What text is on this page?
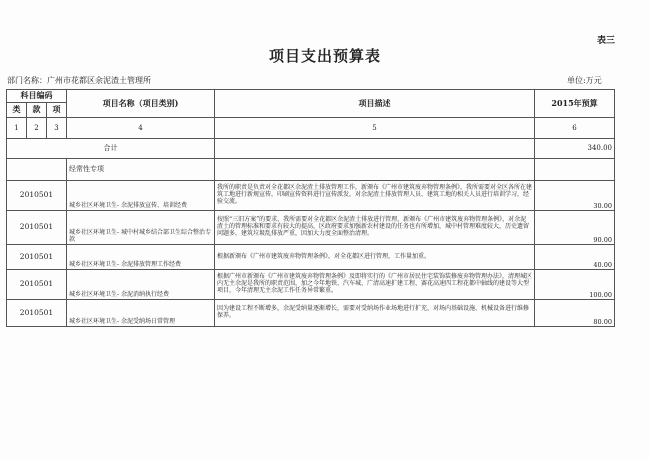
表三
项目支出预算表
部门名称：广州市花都区余泥渣土管理所	单位:万元
科目编码			项目名称（项目类别)	项目描述	2015年预算
类	款	项			
1	2	3	4	5	6
合计					340.00
			经常性专项		
2010501			城乡社区环境卫生- 余泥排放宣传、培训经费	我所的职责是负责对全花都区余泥渣土排放管理工作，新颁布《广州市建筑废弃物管理条例》，我所需要对全区各所在建筑工地进行新规宣传，印刷宣传资料进行宣传派发，对余泥渣土排放管理人员、建筑工地的相关人员进行培训学习，经验交流。	30.00
2010501			城乡社区环境卫生- 城中村城乡结合部卫生综合整治专款	按照“三旧方案”的要求，我所需要对全花都区余泥渣土排放进行管理，新颁布《广州市建筑废弃物管理条例》，对余泥渣土的管理标准和要求有较大的提高，区政府要求加强新农村建设的任务也有所增加，城中村管理难度较大，历史遗留问题多，建筑垃圾乱排放严重，因加大力度全面整治清理。	90.00
2010501			城乡社区环境卫生- 余泥排放管理工作经费	根据新颁布《广州市建筑废弃物管理条例》，对全花都区进行管理，工作量加重。	40.00
2010501			城乡社区环境卫生- 余泥消纳执行经费	根据广州市新颁布《广州市建筑废弃物管理条例》及即将实行的《广州市居民住宅装饰装修废弃物管理办法》，清理城区内无主余泥是我所的职责范围，加之今年地铁、汽车城、广清高速扩建工程、赛花高速四工程花都中轴线的建设等大型项目，今年清理无主余泥工作任务异常繁重。	100.00
2010501			城乡社区环境卫生- 余泥受纳场日常管理	因为建设工程不断增多，余泥受纳量逐渐增长，需要对受纳场作业场地进行扩充，对场内基础设施、机械设备进行维修保养。	80.00
